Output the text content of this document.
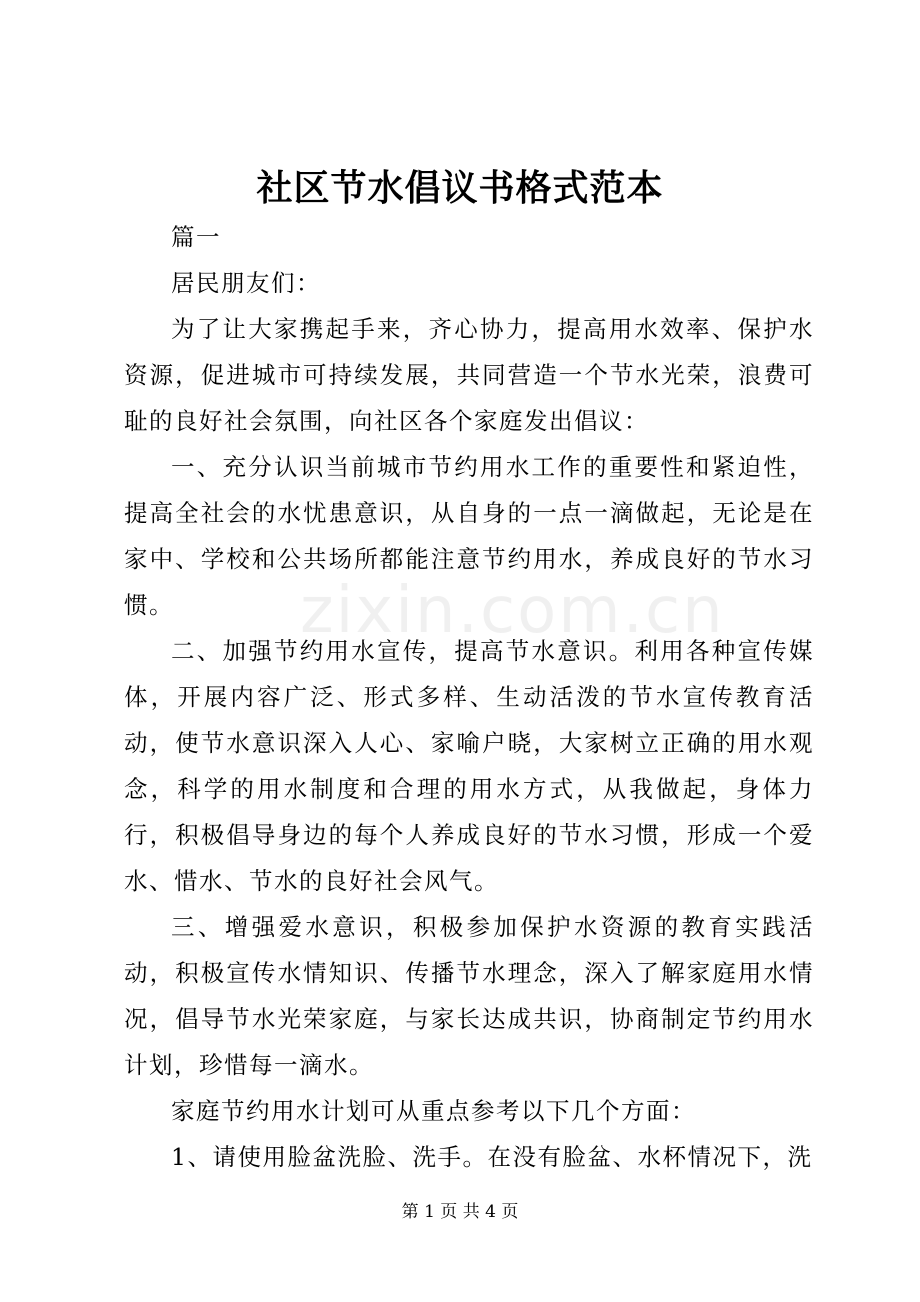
社区节水倡议书格式范本

篇一

居民朋友们：

为了让大家携起手来，齐心协力，提高用水效率、保护水资源，促进城市可持续发展，共同营造一个节水光荣，浪费可耻的良好社会氛围，向社区各个家庭发出倡议：

一、充分认识当前城市节约用水工作的重要性和紧迫性，提高全社会的水忧患意识，从自身的一点一滴做起，无论是在家中、学校和公共场所都能注意节约用水，养成良好的节水习惯。

二、加强节约用水宣传，提高节水意识。利用各种宣传媒体，开展内容广泛、形式多样、生动活泼的节水宣传教育活动，使节水意识深入人心、家喻户晓，大家树立正确的用水观念，科学的用水制度和合理的用水方式，从我做起，身体力行，积极倡导身边的每个人养成良好的节水习惯，形成一个爱水、惜水、节水的良好社会风气。

三、增强爱水意识，积极参加保护水资源的教育实践活动，积极宣传水情知识、传播节水理念，深入了解家庭用水情况，倡导节水光荣家庭，与家长达成共识，协商制定节约用水计划，珍惜每一滴水。

家庭节约用水计划可从重点参考以下几个方面：

1、请使用脸盆洗脸、洗手。在没有脸盆、水杯情况下，洗

zixin.com.cn
第 1 页 共 4 页
